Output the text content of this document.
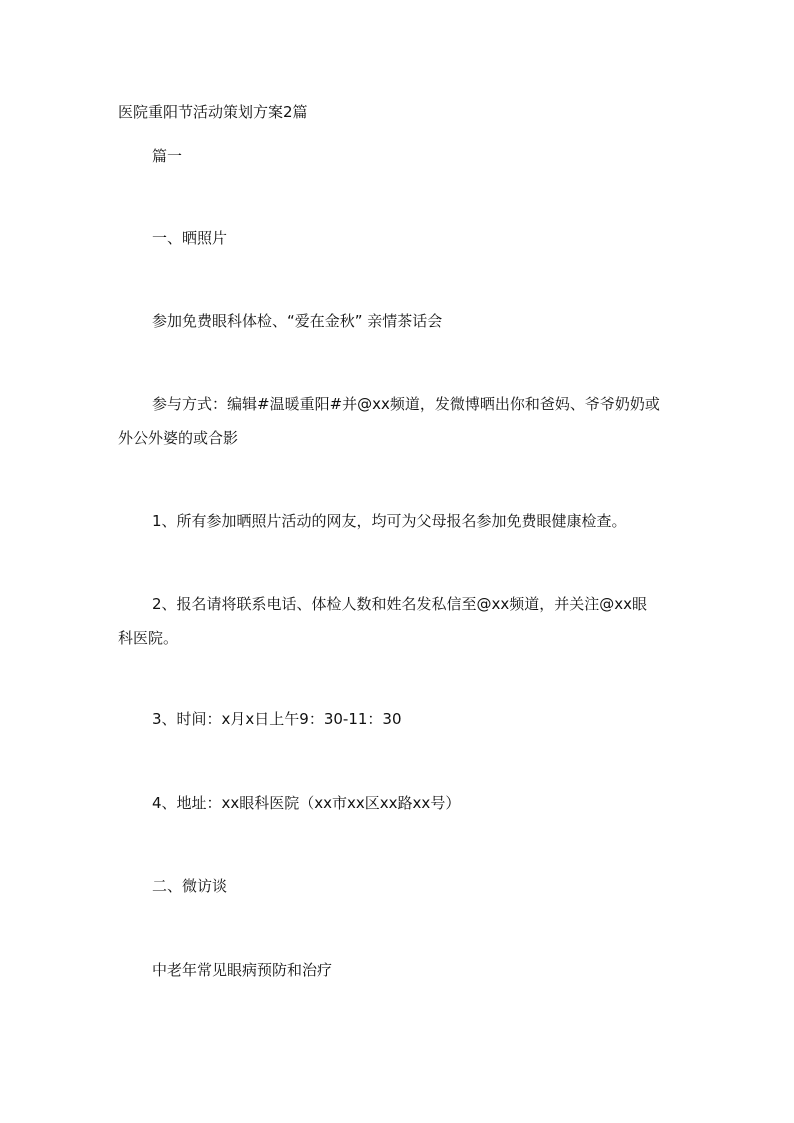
医院重阳节活动策划方案2篇
篇一
一、晒照片
参加免费眼科体检、“爱在金秋” 亲情茶话会
参与方式：编辑#温暖重阳#并@xx频道，发微博晒出你和爸妈、爷爷奶奶或
外公外婆的或合影
1、所有参加晒照片活动的网友，均可为父母报名参加免费眼健康检查。
2、报名请将联系电话、体检人数和姓名发私信至@xx频道，并关注@xx眼
科医院。
3、时间：x月x日上午9：30-11：30
4、地址：xx眼科医院（xx市xx区xx路xx号）
二、微访谈
中老年常见眼病预防和治疗
